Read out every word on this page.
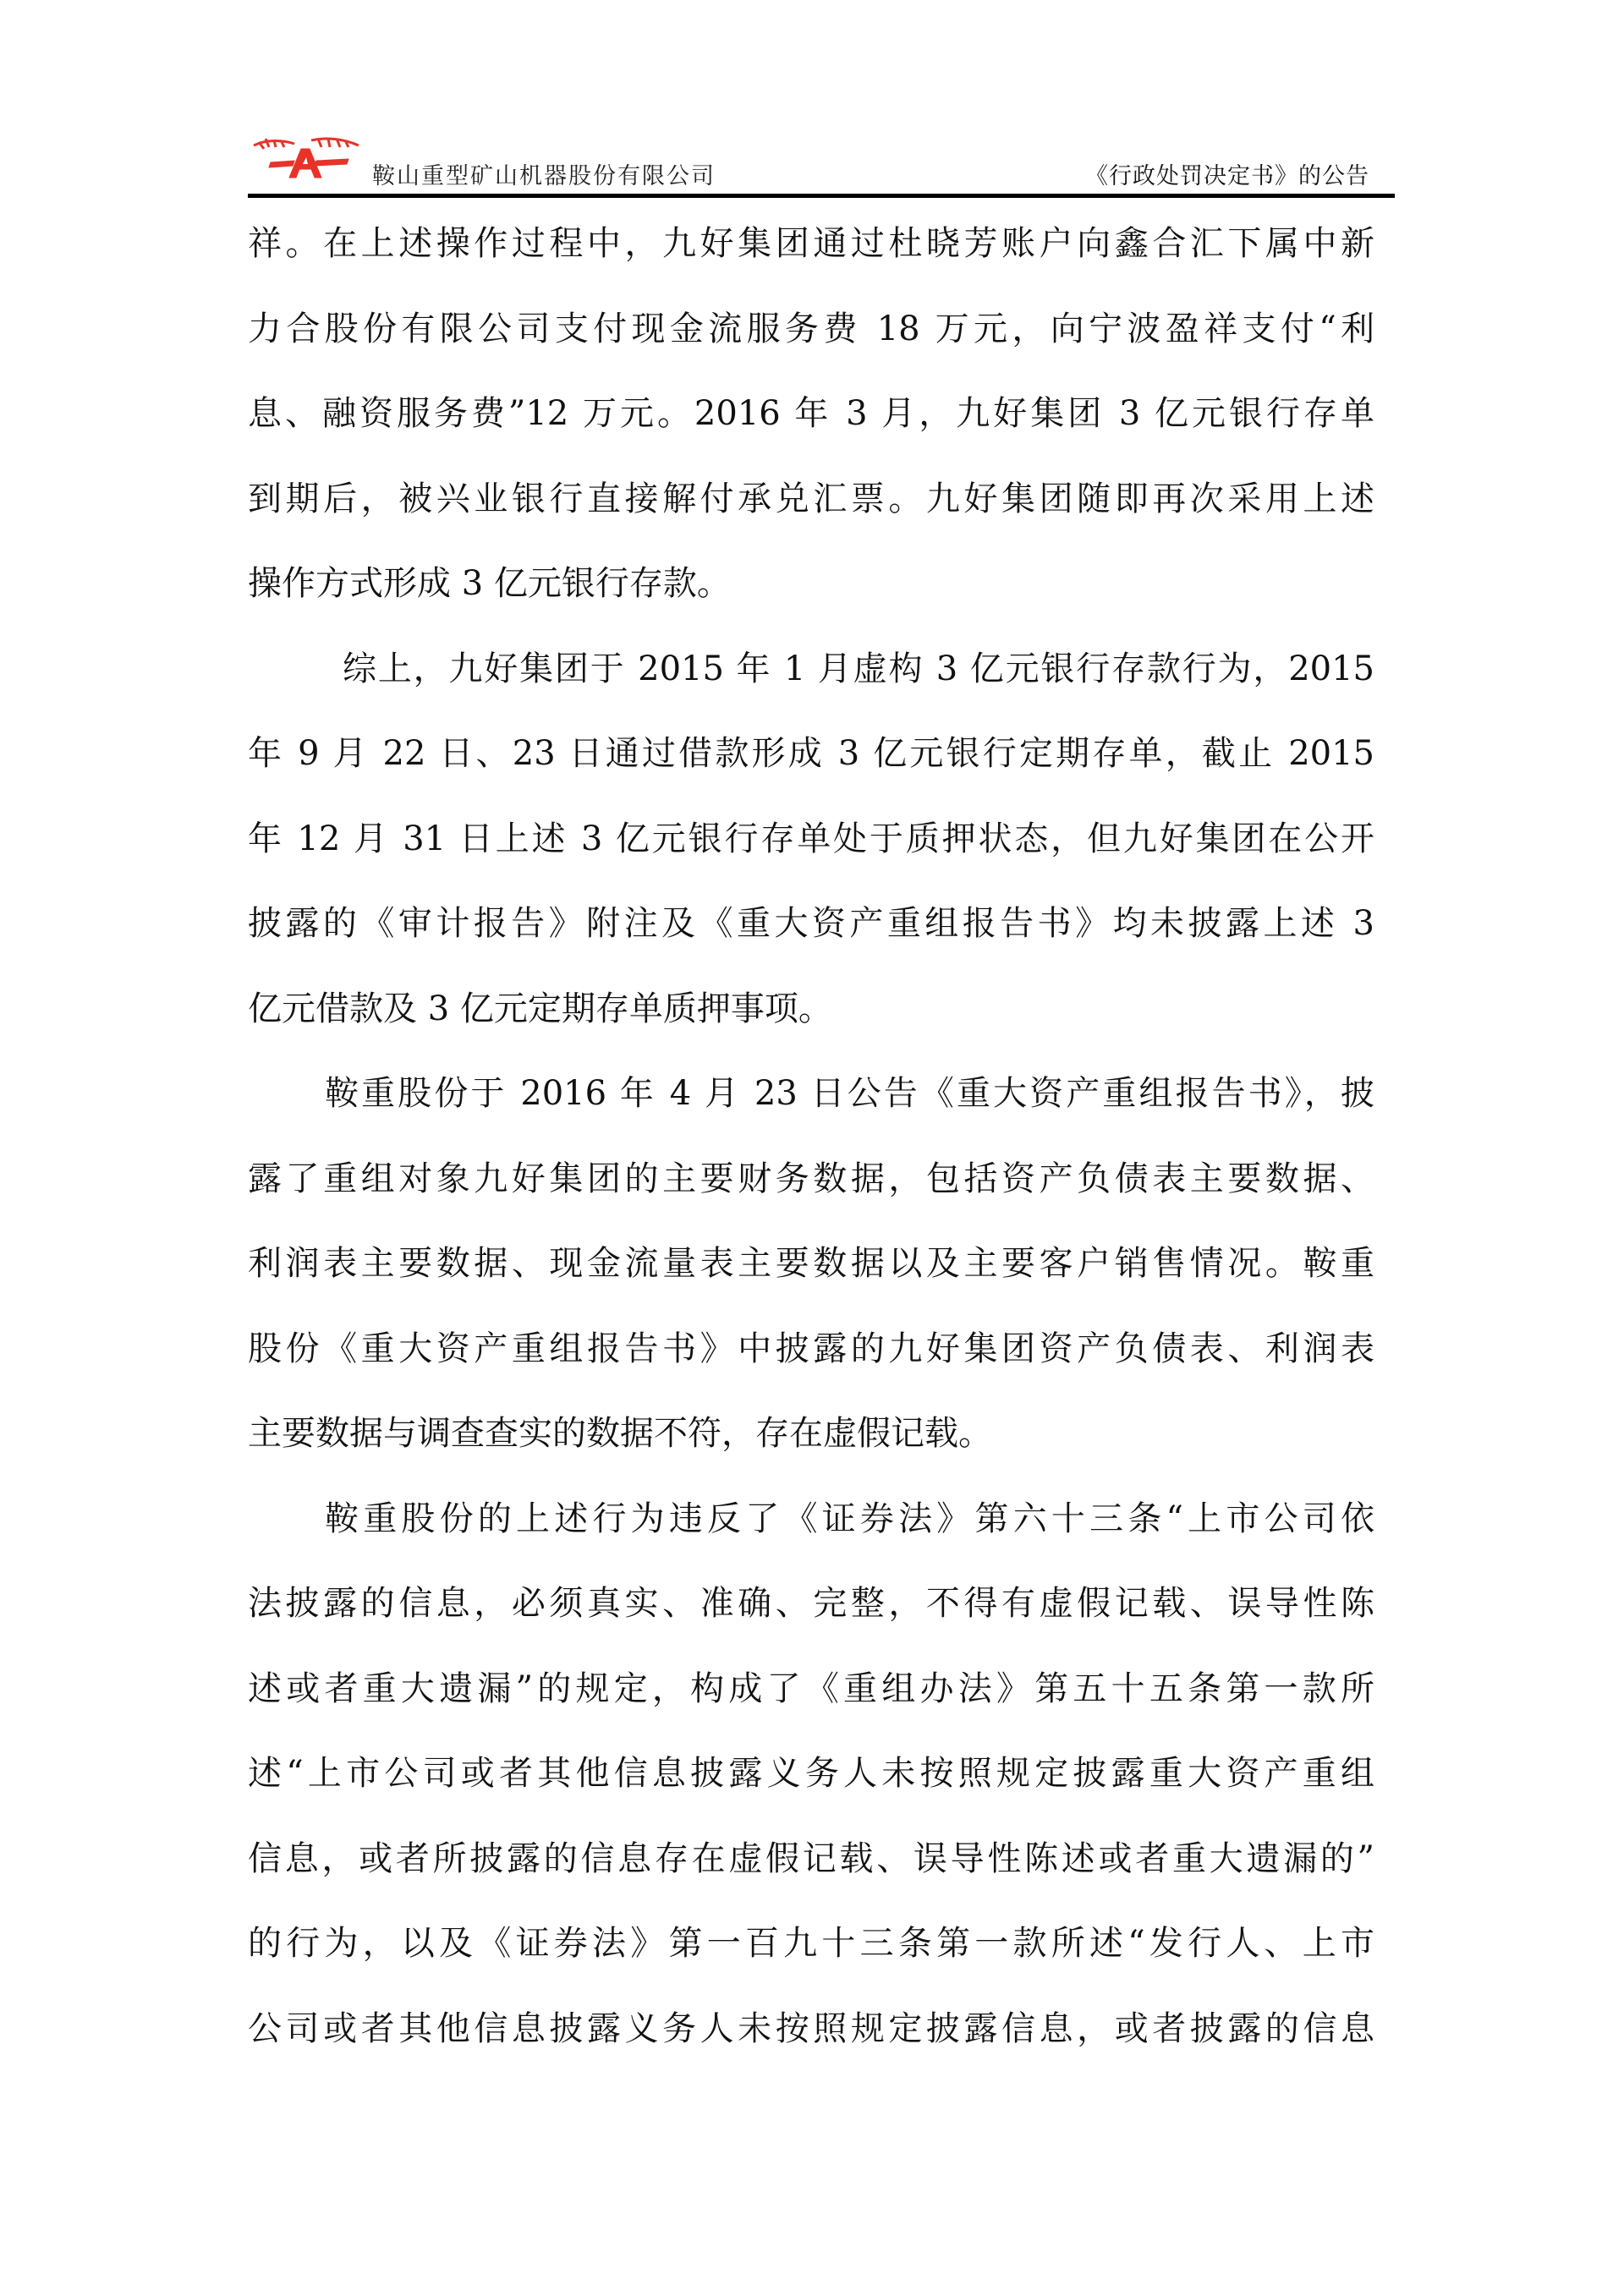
鞍山重型矿山机器股份有限公司	《行政处罚决定书》的公告
祥。在上述操作过程中，九好集团通过杜晓芳账户向鑫合汇下属中新
力合股份有限公司支付现金流服务费 18 万元，向宁波盈祥支付“利
息、融资服务费”12 万元。2016 年 3 月，九好集团 3 亿元银行存单
到期后，被兴业银行直接解付承兑汇票。九好集团随即再次采用上述
操作方式形成 3 亿元银行存款。
综上，九好集团于 2015 年 1 月虚构 3 亿元银行存款行为，2015
年 9 月 22 日、23 日通过借款形成 3 亿元银行定期存单，截止 2015
年 12 月 31 日上述 3 亿元银行存单处于质押状态，但九好集团在公开
披露的《审计报告》附注及《重大资产重组报告书》均未披露上述 3
亿元借款及 3 亿元定期存单质押事项。
鞍重股份于 2016 年 4 月 23 日公告《重大资产重组报告书》，披
露了重组对象九好集团的主要财务数据，包括资产负债表主要数据、
利润表主要数据、现金流量表主要数据以及主要客户销售情况。鞍重
股份《重大资产重组报告书》中披露的九好集团资产负债表、利润表
主要数据与调查查实的数据不符，存在虚假记载。
鞍重股份的上述行为违反了《证券法》第六十三条“上市公司依
法披露的信息，必须真实、准确、完整，不得有虚假记载、误导性陈
述或者重大遗漏”的规定，构成了《重组办法》第五十五条第一款所
述“上市公司或者其他信息披露义务人未按照规定披露重大资产重组
信息，或者所披露的信息存在虚假记载、误导性陈述或者重大遗漏的”
的行为，以及《证券法》第一百九十三条第一款所述“发行人、上市
公司或者其他信息披露义务人未按照规定披露信息，或者披露的信息
